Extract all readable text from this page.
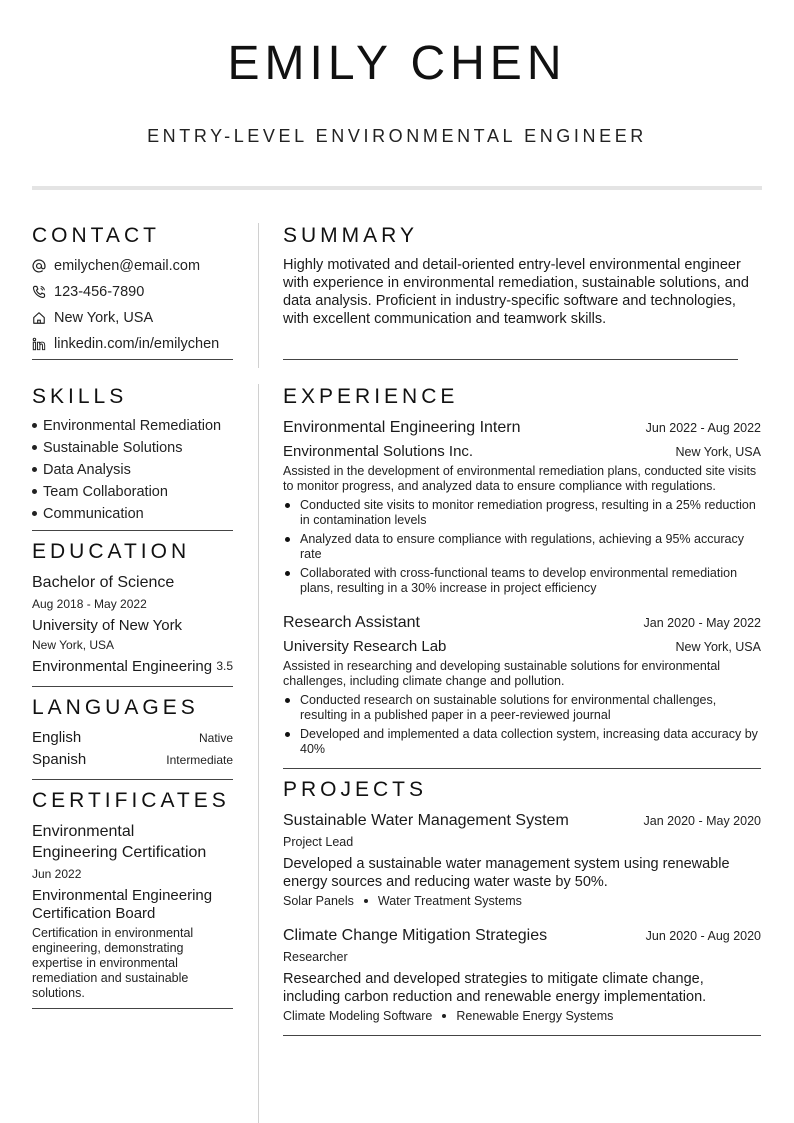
EMILY CHEN
ENTRY-LEVEL ENVIRONMENTAL ENGINEER
CONTACT
emilychen@email.com
123-456-7890
New York, USA
linkedin.com/in/emilychen
SKILLS
Environmental Remediation
Sustainable Solutions
Data Analysis
Team Collaboration
Communication
EDUCATION
Bachelor of Science
Aug 2018 - May 2022
University of New York
New York, USA
Environmental Engineering 3.5
LANGUAGES
English	Native
Spanish	Intermediate
CERTIFICATES
Environmental
Engineering Certification
Jun 2022
Environmental Engineering
Certification Board
Certification in environmental engineering, demonstrating expertise in environmental remediation and sustainable solutions.
SUMMARY
Highly motivated and detail-oriented entry-level environmental engineer with experience in environmental remediation, sustainable solutions, and data analysis. Proficient in industry-specific software and technologies, with excellent communication and teamwork skills.
EXPERIENCE
Environmental Engineering Intern	Jun 2022 - Aug 2022
Environmental Solutions Inc.	New York, USA
Assisted in the development of environmental remediation plans, conducted site visits to monitor progress, and analyzed data to ensure compliance with regulations.
Conducted site visits to monitor remediation progress, resulting in a 25% reduction in contamination levels
Analyzed data to ensure compliance with regulations, achieving a 95% accuracy rate
Collaborated with cross-functional teams to develop environmental remediation plans, resulting in a 30% increase in project efficiency
Research Assistant	Jan 2020 - May 2022
University Research Lab	New York, USA
Assisted in researching and developing sustainable solutions for environmental challenges, including climate change and pollution.
Conducted research on sustainable solutions for environmental challenges, resulting in a published paper in a peer-reviewed journal
Developed and implemented a data collection system, increasing data accuracy by 40%
PROJECTS
Sustainable Water Management System	Jan 2020 - May 2020
Project Lead
Developed a sustainable water management system using renewable energy sources and reducing water waste by 50%.
Solar Panels Water Treatment Systems
Climate Change Mitigation Strategies	Jun 2020 - Aug 2020
Researcher
Researched and developed strategies to mitigate climate change, including carbon reduction and renewable energy implementation.
Climate Modeling Software Renewable Energy Systems
